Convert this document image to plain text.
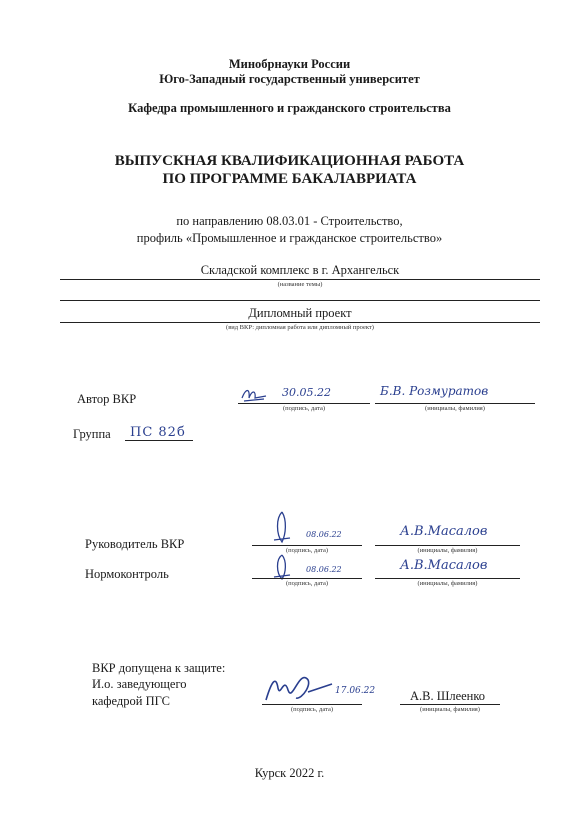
Минобрнауки России
Юго-Западный государственный университет
Кафедра промышленного и гражданского строительства
ВЫПУСКНАЯ КВАЛИФИКАЦИОННАЯ РАБОТА
ПО ПРОГРАММЕ БАКАЛАВРИАТА
по направлению 08.03.01 - Строительство,
профиль «Промышленное и гражданское строительство»
Складской комплекс в г. Архангельск
(название темы)
Дипломный проект
(вид ВКР: дипломная работа или дипломный проект)
Автор ВКР	30.05.22
(подпись, дата)
Б.В. Розмуратов
(инициалы, фамилия)
Группа ПС 82б
Руководитель ВКР
08.06.22
(подпись, дата)
А.В.Масалов
(инициалы, фамилия)
Нормоконтроль	08.06.22
(подпись, дата)
А.В.Масалов
(инициалы, фамилия)
ВКР допущена к защите:
И.о. заведующего
кафедрой ПГС
17.06.22
(подпись, дата)
А.В. Шлеенко
(инициалы, фамилия)
Курск 2022 г.
